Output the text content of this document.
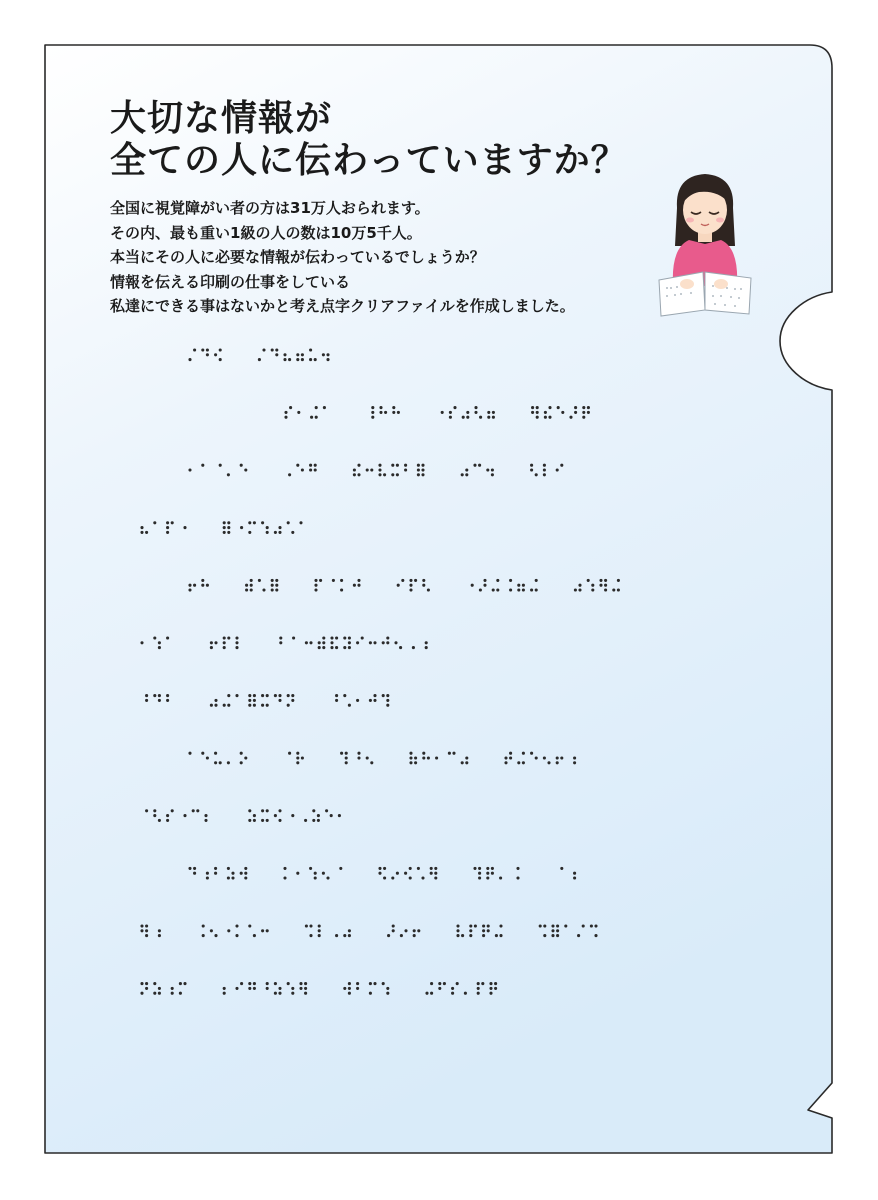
大切な情報が
全ての人に伝わっていますか？
全国に視覚障がい者の方は31万人おられます。
その内、最も重い1級の人の数は10万5千人。
本当にその人に必要な情報が伝わっているでしょうか？
情報を伝える印刷の仕事をしている
私達にできる事はないかと考え点字クリアファイルを作成しました。
